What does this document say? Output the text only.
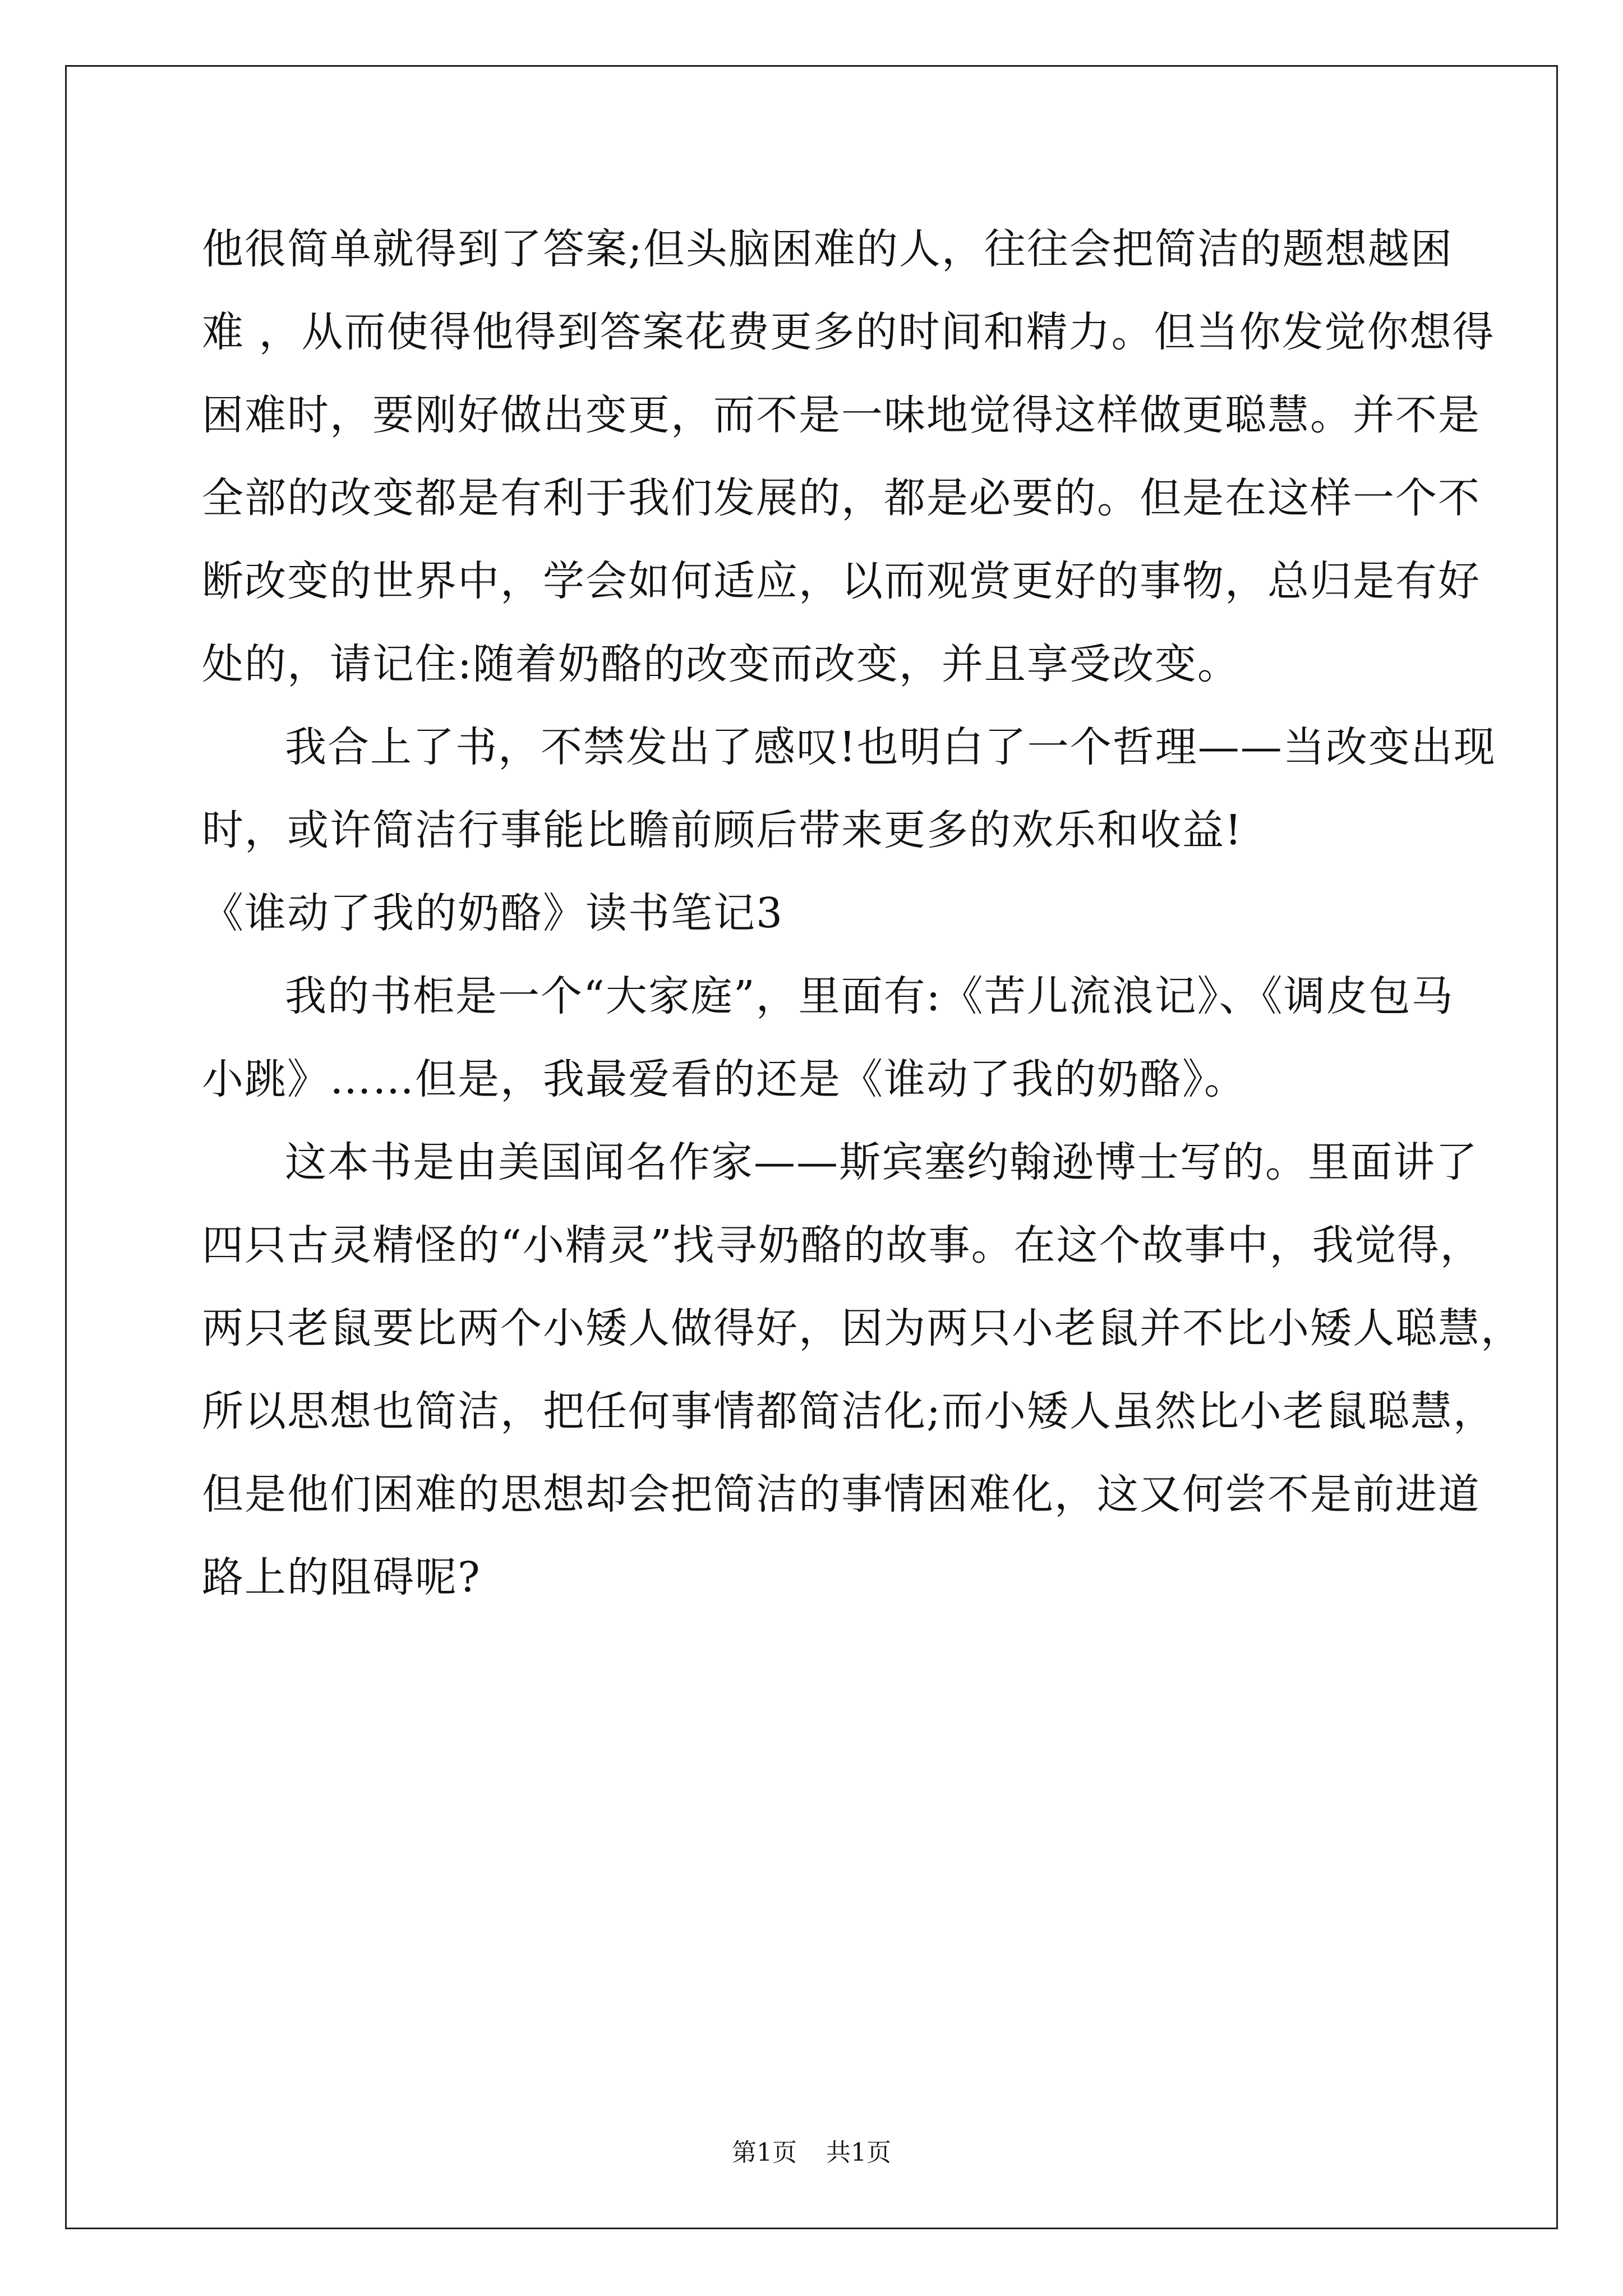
他很简单就得到了答案;但头脑困难的人，往往会把简洁的题想越困
难 ，从而使得他得到答案花费更多的时间和精力。但当你发觉你想得
困难时，要刚好做出变更，而不是一味地觉得这样做更聪慧。并不是
全部的改变都是有利于我们发展的，都是必要的。但是在这样一个不
断改变的世界中，学会如何适应，以而观赏更好的事物，总归是有好
处的，请记住:随着奶酪的改变而改变，并且享受改变。
我合上了书，不禁发出了感叹!也明白了一个哲理——当改变出现
时，或许简洁行事能比瞻前顾后带来更多的欢乐和收益!
《谁动了我的奶酪》读书笔记3
我的书柜是一个“大家庭”，里面有:《苦儿流浪记》、《调皮包马
小跳》……但是，我最爱看的还是《谁动了我的奶酪》。
这本书是由美国闻名作家——斯宾塞约翰逊博士写的。里面讲了
四只古灵精怪的“小精灵”找寻奶酪的故事。在这个故事中，我觉得，
两只老鼠要比两个小矮人做得好，因为两只小老鼠并不比小矮人聪慧，
所以思想也简洁，把任何事情都简洁化;而小矮人虽然比小老鼠聪慧，
但是他们困难的思想却会把简洁的事情困难化，这又何尝不是前进道
路上的阻碍呢?
第1页 共1页
